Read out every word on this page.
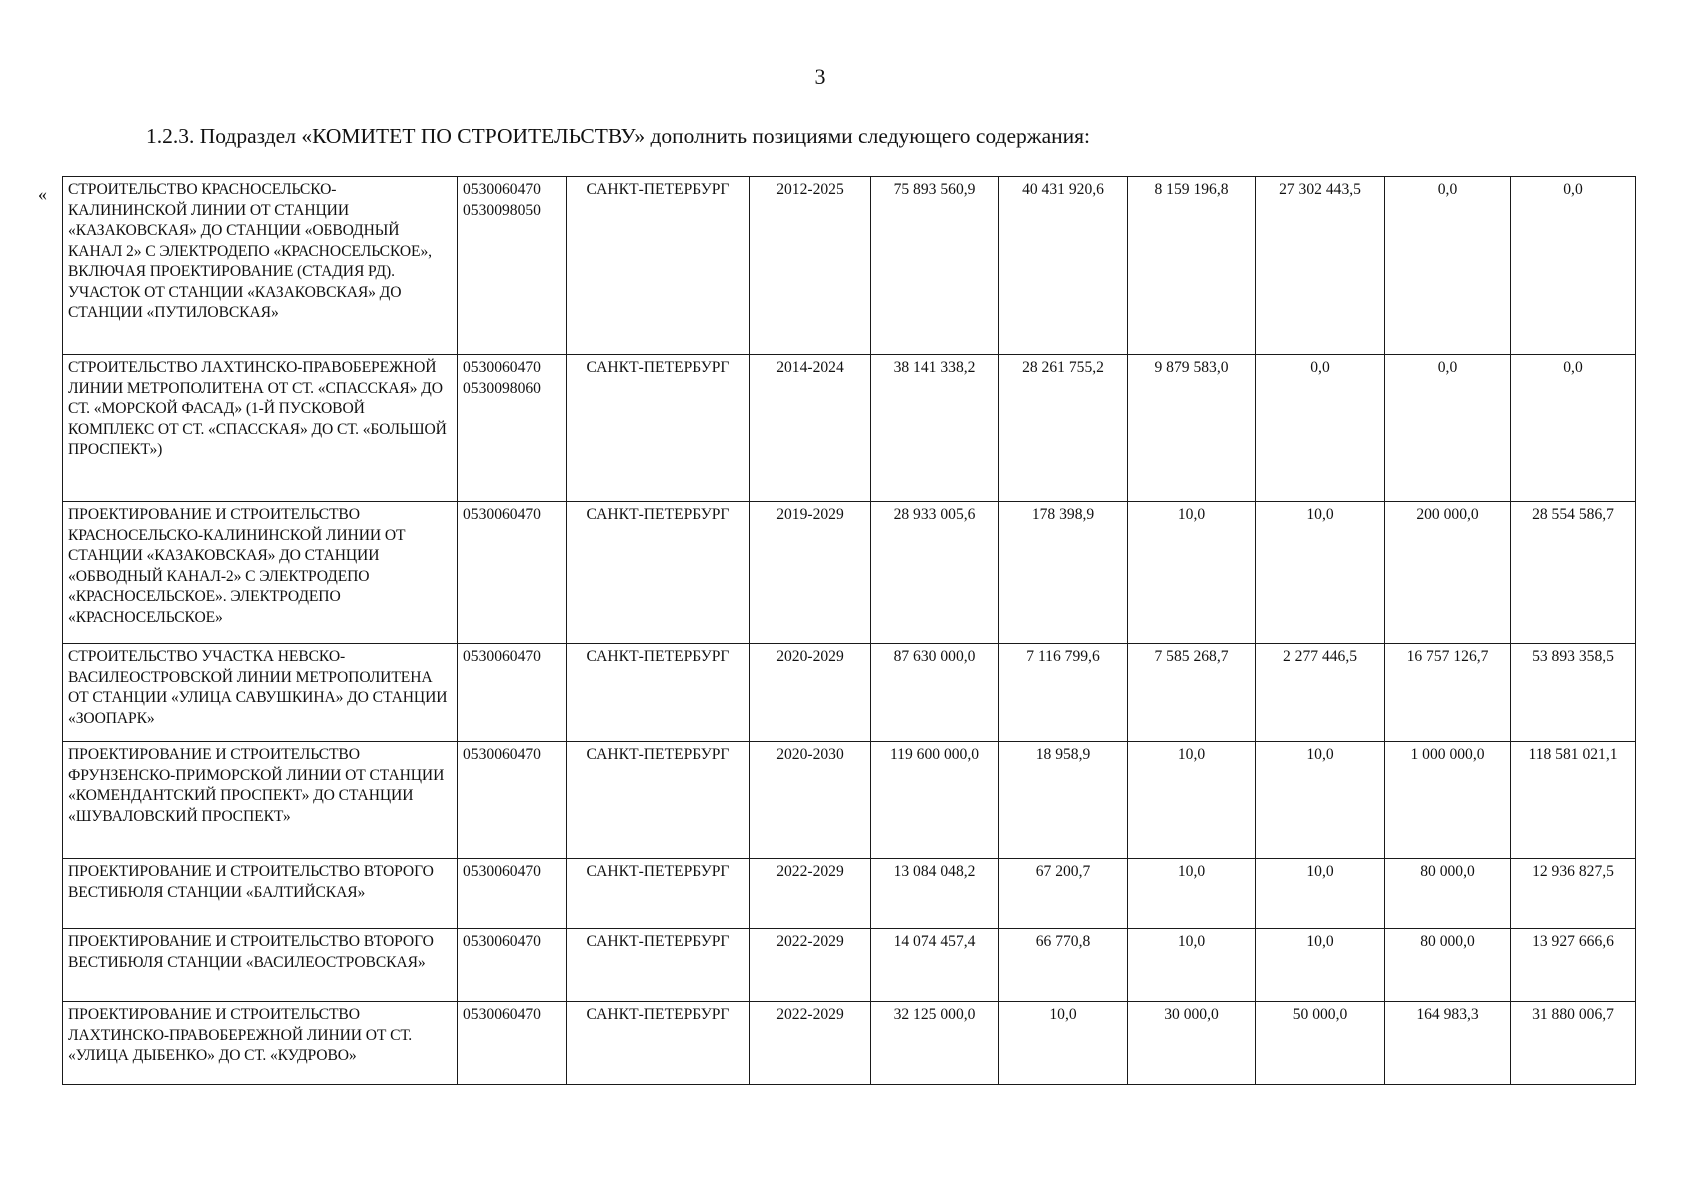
3
1.2.3. Подраздел «КОМИТЕТ ПО СТРОИТЕЛЬСТВУ» дополнить позициями следующего содержания:
« СТРОИТЕЛЬСТВО КРАСНОСЕЛЬСКО-КАЛИНИНСКОЙ ЛИНИИ ОТ СТАНЦИИ «КАЗАКОВСКАЯ» ДО СТАНЦИИ «ОБВОДНЫЙ КАНАЛ 2» С ЭЛЕКТРОДЕПО «КРАСНОСЕЛЬСКОЕ», ВКЛЮЧАЯ ПРОЕКТИРОВАНИЕ (СТАДИЯ РД). УЧАСТОК ОТ СТАНЦИИ «КАЗАКОВСКАЯ» ДО СТАНЦИИ «ПУТИЛОВСКАЯ»	0530060470
0530098050	САНКТ-ПЕТЕРБУРГ	2012-2025	75 893 560,9	40 431 920,6	8 159 196,8	27 302 443,5	0,0	0,0
СТРОИТЕЛЬСТВО ЛАХТИНСКО-ПРАВОБЕРЕЖНОЙ ЛИНИИ МЕТРОПОЛИТЕНА ОТ СТ. «СПАССКАЯ» ДО СТ. «МОРСКОЙ ФАСАД» (1-Й ПУСКОВОЙ КОМПЛЕКС ОТ СТ. «СПАССКАЯ» ДО СТ. «БОЛЬШОЙ ПРОСПЕКТ»)	0530060470
0530098060	САНКТ-ПЕТЕРБУРГ	2014-2024	38 141 338,2	28 261 755,2	9 879 583,0	0,0	0,0	0,0
ПРОЕКТИРОВАНИЕ И СТРОИТЕЛЬСТВО КРАСНОСЕЛЬСКО-КАЛИНИНСКОЙ ЛИНИИ ОТ СТАНЦИИ «КАЗАКОВСКАЯ» ДО СТАНЦИИ «ОБВОДНЫЙ КАНАЛ-2» С ЭЛЕКТРОДЕПО «КРАСНОСЕЛЬСКОЕ». ЭЛЕКТРОДЕПО «КРАСНОСЕЛЬСКОЕ»	0530060470	САНКТ-ПЕТЕРБУРГ	2019-2029	28 933 005,6	178 398,9	10,0	10,0	200 000,0	28 554 586,7
СТРОИТЕЛЬСТВО УЧАСТКА НЕВСКО-ВАСИЛЕОСТРОВСКОЙ ЛИНИИ МЕТРОПОЛИТЕНА ОТ СТАНЦИИ «УЛИЦА САВУШКИНА» ДО СТАНЦИИ «ЗООПАРК»	0530060470	САНКТ-ПЕТЕРБУРГ	2020-2029	87 630 000,0	7 116 799,6	7 585 268,7	2 277 446,5	16 757 126,7	53 893 358,5
ПРОЕКТИРОВАНИЕ И СТРОИТЕЛЬСТВО ФРУНЗЕНСКО-ПРИМОРСКОЙ ЛИНИИ ОТ СТАНЦИИ «КОМЕНДАНТСКИЙ ПРОСПЕКТ» ДО СТАНЦИИ «ШУВАЛОВСКИЙ ПРОСПЕКТ»	0530060470	САНКТ-ПЕТЕРБУРГ	2020-2030	119 600 000,0	18 958,9	10,0	10,0	1 000 000,0	118 581 021,1
ПРОЕКТИРОВАНИЕ И СТРОИТЕЛЬСТВО ВТОРОГО ВЕСТИБЮЛЯ СТАНЦИИ «БАЛТИЙСКАЯ»	0530060470	САНКТ-ПЕТЕРБУРГ	2022-2029	13 084 048,2	67 200,7	10,0	10,0	80 000,0	12 936 827,5
ПРОЕКТИРОВАНИЕ И СТРОИТЕЛЬСТВО ВТОРОГО ВЕСТИБЮЛЯ СТАНЦИИ «ВАСИЛЕОСТРОВСКАЯ»	0530060470	САНКТ-ПЕТЕРБУРГ	2022-2029	14 074 457,4	66 770,8	10,0	10,0	80 000,0	13 927 666,6
ПРОЕКТИРОВАНИЕ И СТРОИТЕЛЬСТВО ЛАХТИНСКО-ПРАВОБЕРЕЖНОЙ ЛИНИИ ОТ СТ. «УЛИЦА ДЫБЕНКО» ДО СТ. «КУДРОВО»	0530060470	САНКТ-ПЕТЕРБУРГ	2022-2029	32 125 000,0	10,0	30 000,0	50 000,0	164 983,3	31 880 006,7
